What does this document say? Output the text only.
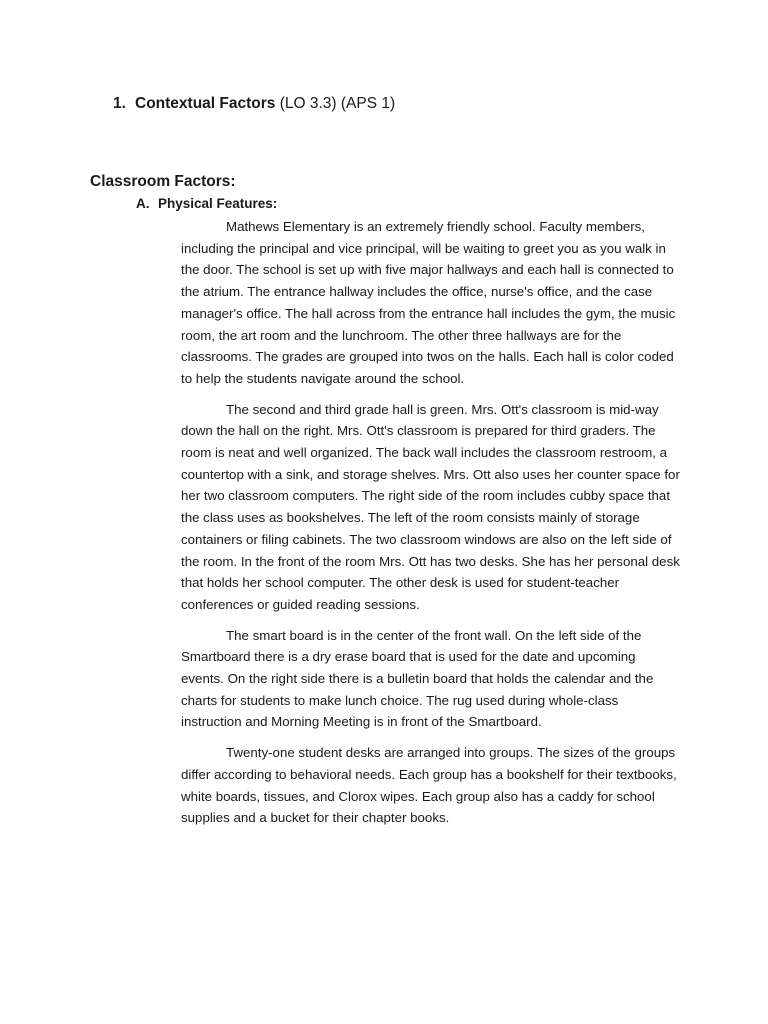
1. Contextual Factors (LO 3.3) (APS 1)
Classroom Factors:
A. Physical Features:

Mathews Elementary is an extremely friendly school. Faculty members, including the principal and vice principal, will be waiting to greet you as you walk in the door. The school is set up with five major hallways and each hall is connected to the atrium. The entrance hallway includes the office, nurse's office, and the case manager's office. The hall across from the entrance hall includes the gym, the music room, the art room and the lunchroom. The other three hallways are for the classrooms. The grades are grouped into twos on the halls. Each hall is color coded to help the students navigate around the school.

The second and third grade hall is green. Mrs. Ott's classroom is mid-way down the hall on the right. Mrs. Ott's classroom is prepared for third graders. The room is neat and well organized. The back wall includes the classroom restroom, a countertop with a sink, and storage shelves. Mrs. Ott also uses her counter space for her two classroom computers. The right side of the room includes cubby space that the class uses as bookshelves. The left of the room consists mainly of storage containers or filing cabinets. The two classroom windows are also on the left side of the room. In the front of the room Mrs. Ott has two desks. She has her personal desk that holds her school computer. The other desk is used for student-teacher conferences or guided reading sessions.

The smart board is in the center of the front wall. On the left side of the Smartboard there is a dry erase board that is used for the date and upcoming events. On the right side there is a bulletin board that holds the calendar and the charts for students to make lunch choice. The rug used during whole-class instruction and Morning Meeting is in front of the Smartboard.

Twenty-one student desks are arranged into groups. The sizes of the groups differ according to behavioral needs. Each group has a bookshelf for their textbooks, white boards, tissues, and Clorox wipes. Each group also has a caddy for school supplies and a bucket for their chapter books.
